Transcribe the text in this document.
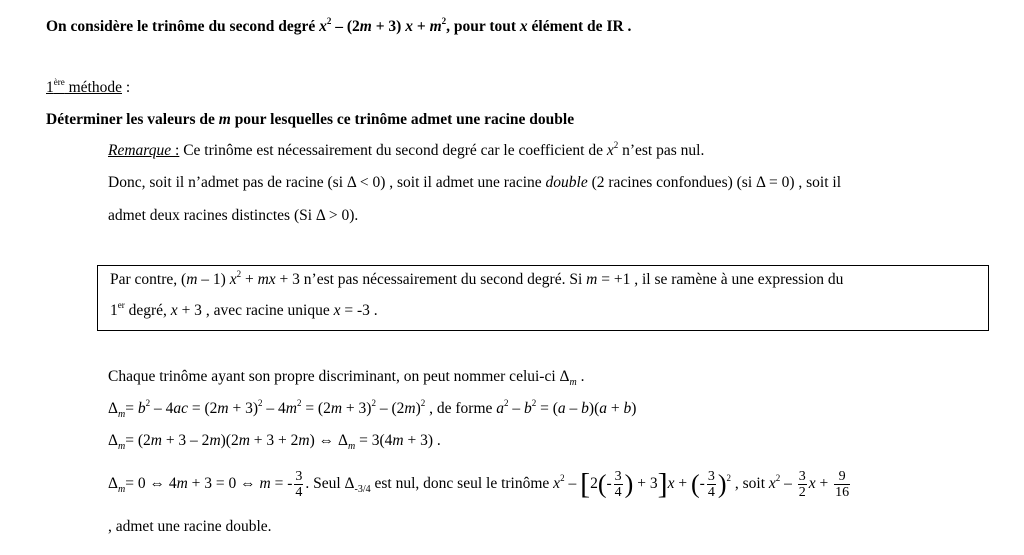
On considère le trinôme du second degré $x^2 - (2m + 3) x + m^2$, pour tout x élément de IR .
1ère méthode :
Déterminer les valeurs de m pour lesquelles ce trinôme admet une racine double
Remarque : Ce trinôme est nécessairement du second degré car le coefficient de $x^2$ n’est pas nul.
Donc, soit il n’admet pas de racine (si Δ < 0) , soit il admet une racine double (2 racines confondues) (si Δ = 0) , soit il
admet deux racines distinctes (Si Δ > 0).
Par contre, (m – 1) $x^2$ + mx + 3 n’est pas nécessairement du second degré. Si m = +1 , il se ramène à une expression du
1er degré, x + 3 , avec racine unique x = -3 .
Chaque trinôme ayant son propre discriminant, on peut nommer celui-ci $\Delta_m$ .
$\Delta_m= b^2 - 4ac = (2m + 3)^2 - 4m^2 = (2m + 3)^2 - (2m)^2$ , de forme $a^2 - b^2 = (a - b)(a + b)$
$\Delta_m= (2m + 3 - 2m)(2m + 3 + 2m)$ ⇔ $\Delta_m = 3(4m + 3)$ .
$\Delta_m= 0$ ⇔ 4m + 3 = 0 ⇔ m = - $\frac{3}{4}$ . Seul $\Delta_{-3/4}$ est nul, donc seul le trinôme $x^2 - [2(- \frac{3}{4}$ ) + 3]x + (- $\frac{3}{4} )^2$ , soit $x^2 - \frac{3}{2}$ $x + \frac{9}{16}$
, admet une racine double.
